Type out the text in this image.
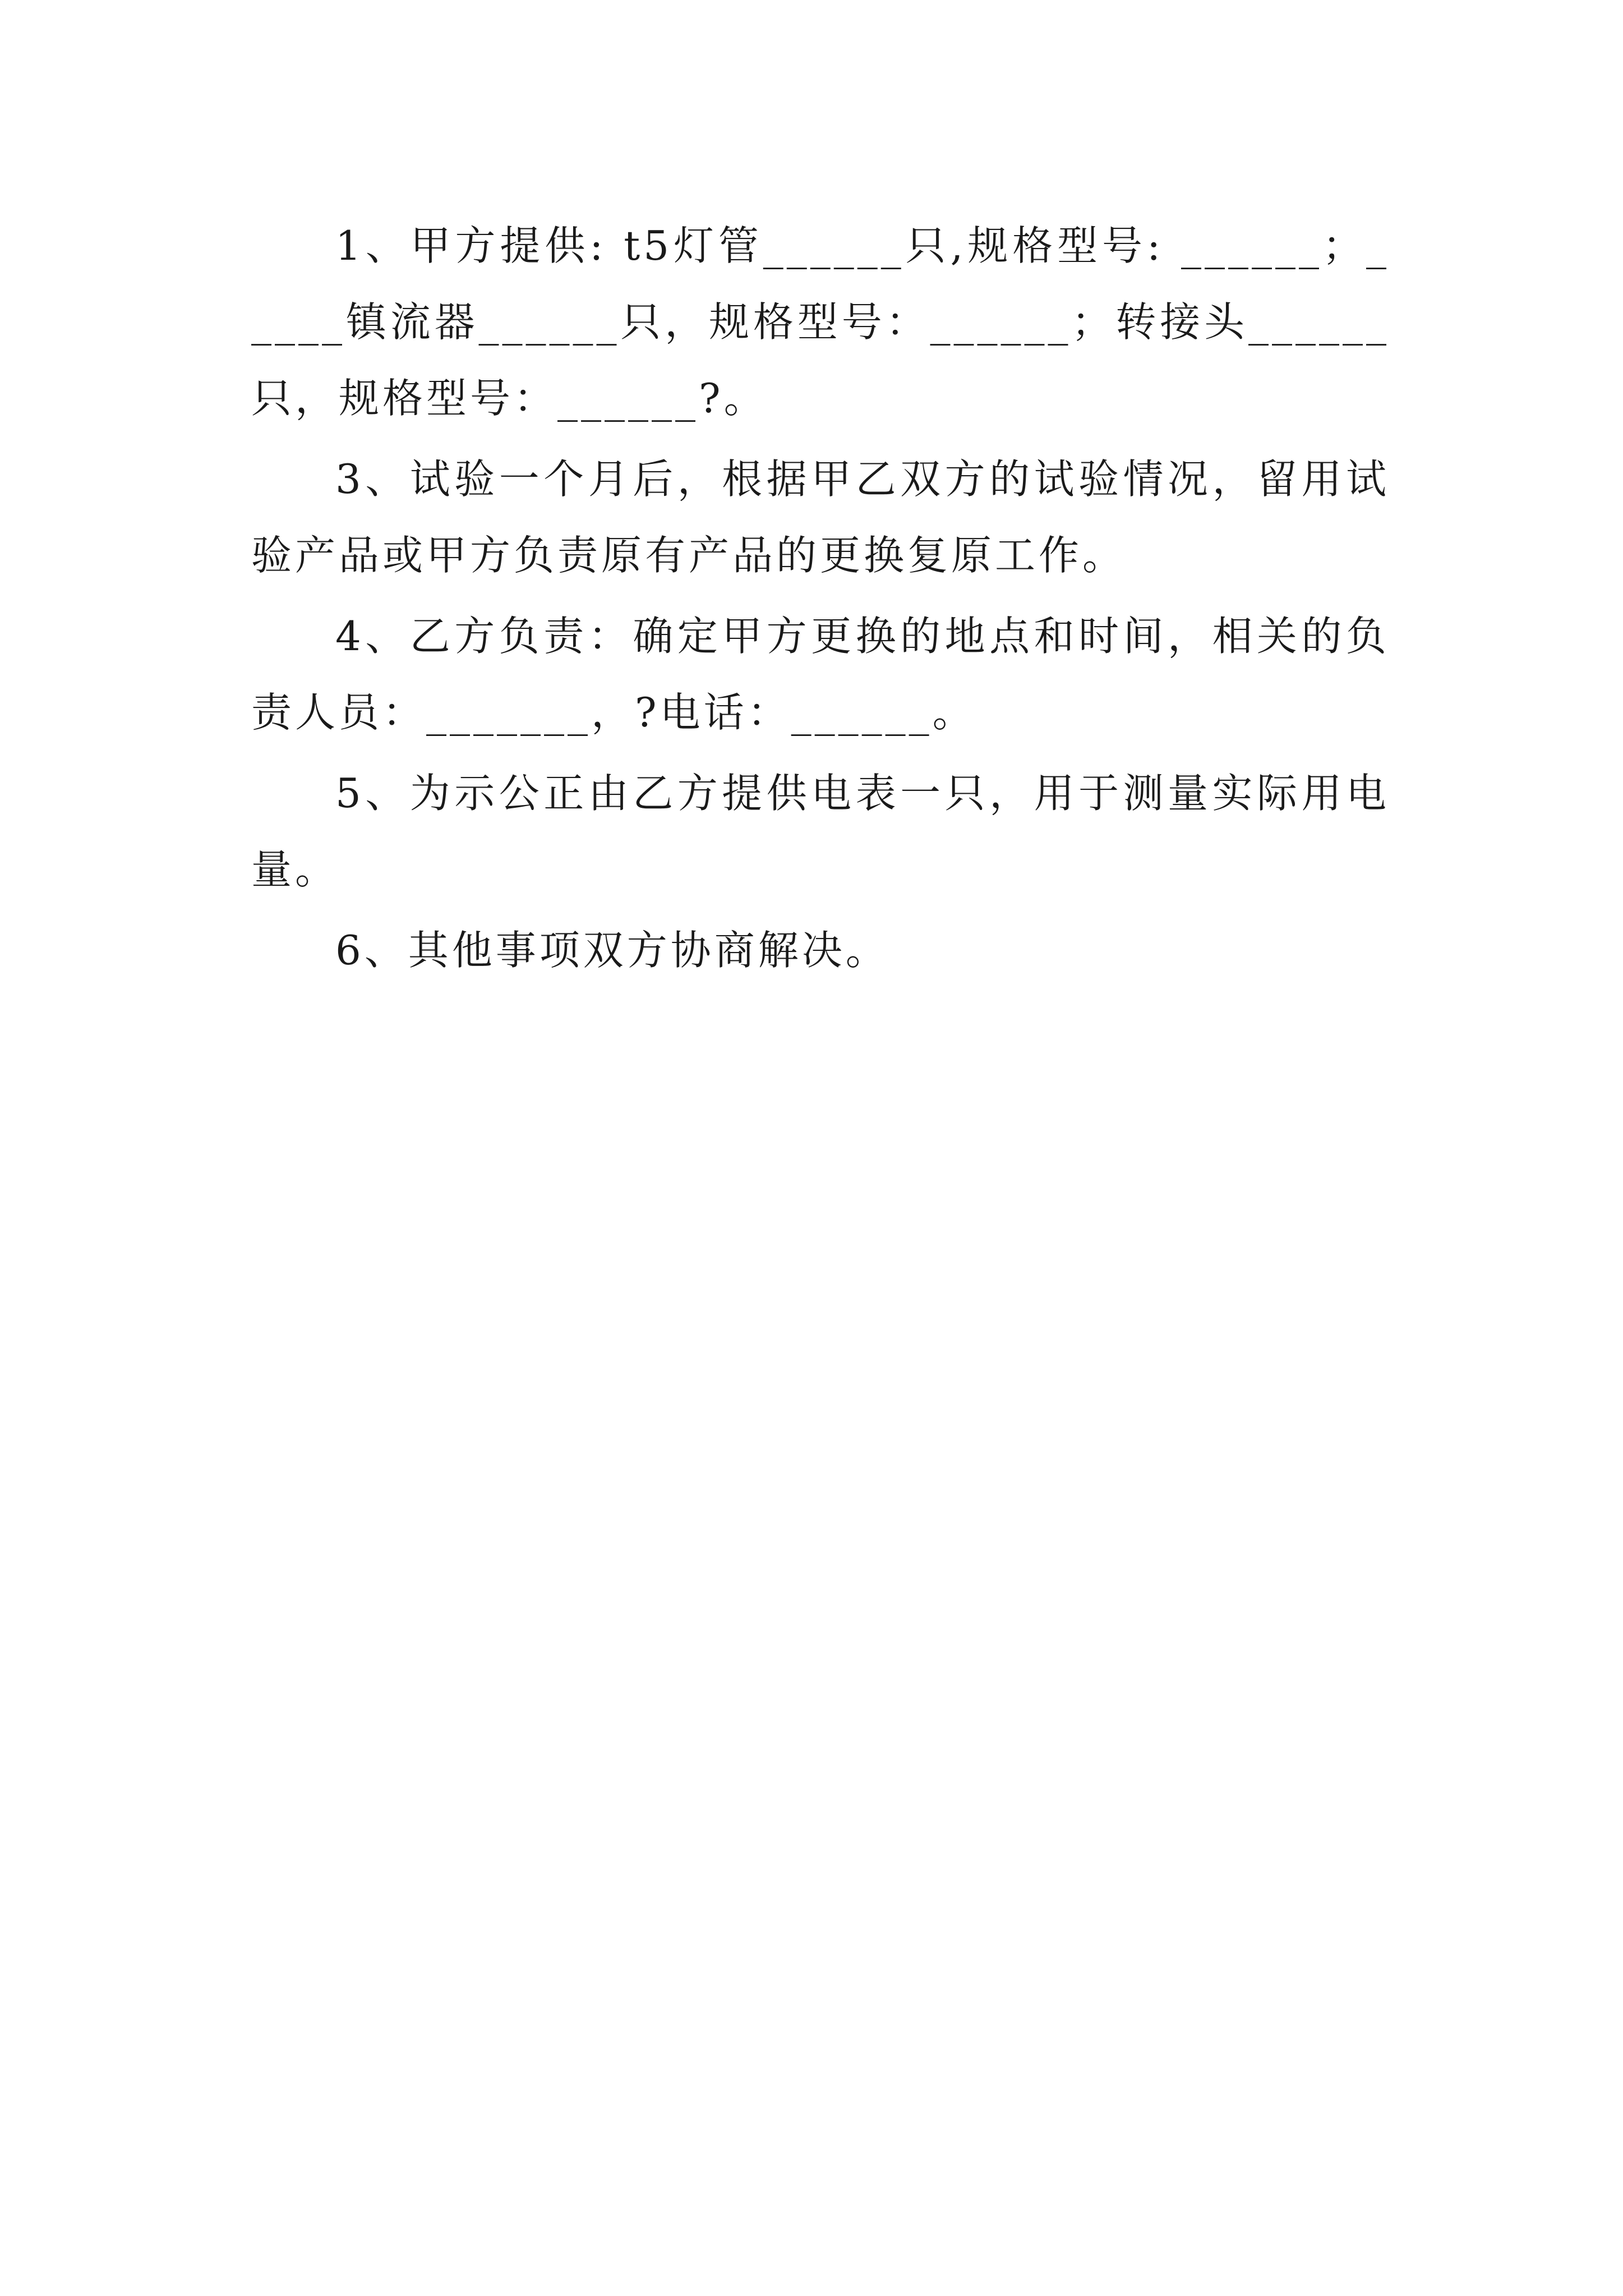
1、甲方提供: t5灯管______只,规格型号: ______；_____镇流器______只，规格型号：______；转接头______只，规格型号：______?。

3、试验一个月后，根据甲乙双方的试验情况，留用试验产品或甲方负责原有产品的更换复原工作。

4、乙方负责：确定甲方更换的地点和时间，相关的负责人员：_______，?电话：______。

5、为示公正由乙方提供电表一只，用于测量实际用电量。

6、其他事项双方协商解决。
